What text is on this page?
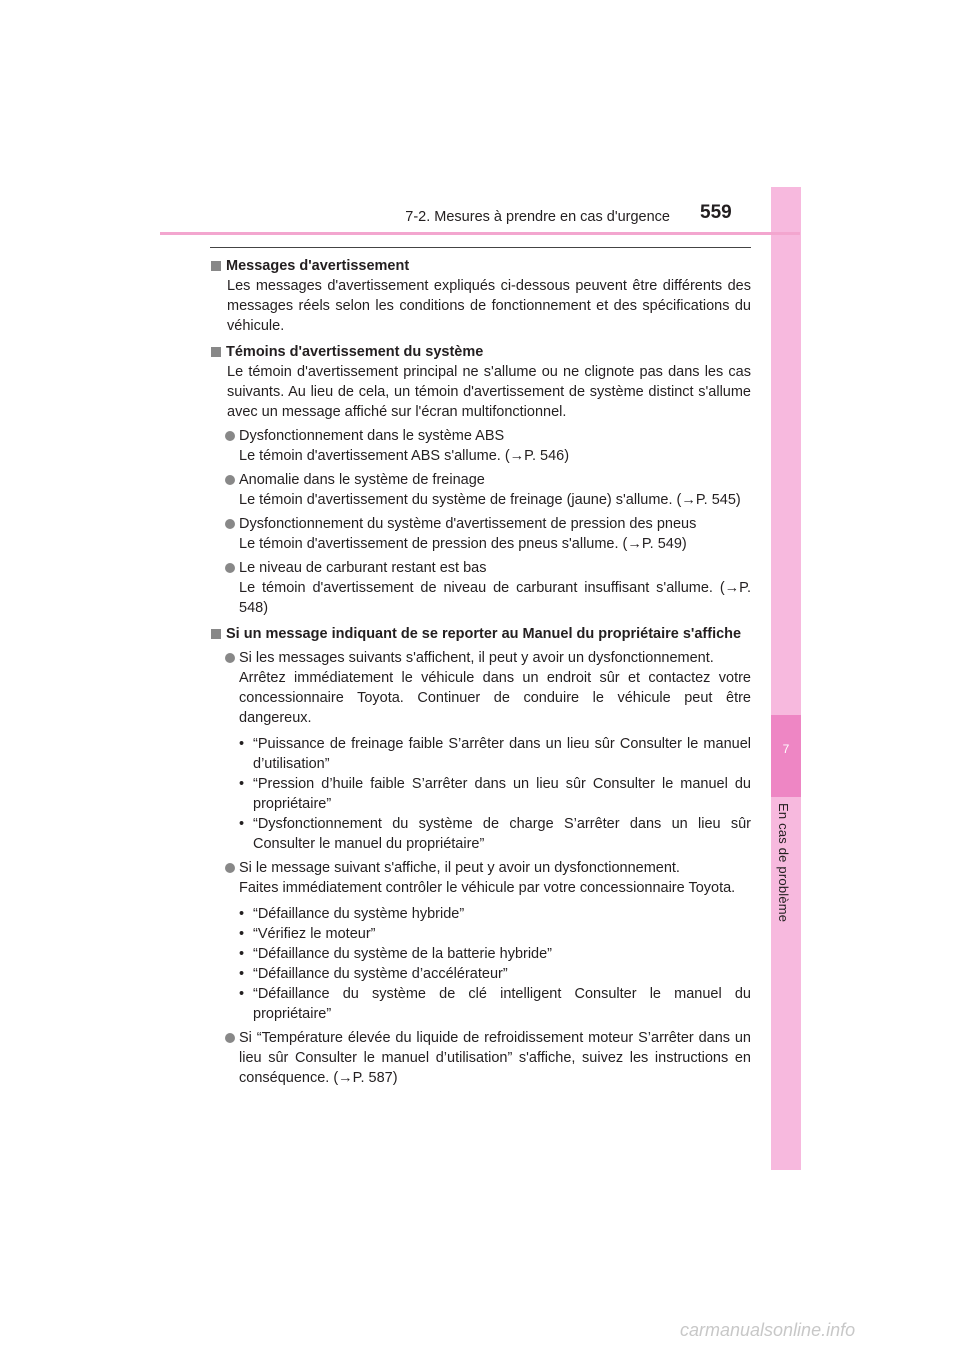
7
En cas de problème
7-2. Mesures à prendre en cas d'urgence 559
Messages d'avertissement
Les messages d'avertissement expliqués ci-dessous peuvent être différents des messages réels selon les conditions de fonctionnement et des spécifications du véhicule.
Témoins d'avertissement du système
Le témoin d'avertissement principal ne s'allume ou ne clignote pas dans les cas suivants. Au lieu de cela, un témoin d'avertissement de système distinct s'allume avec un message affiché sur l'écran multifonctionnel.
Dysfonctionnement dans le système ABS
Le témoin d'avertissement ABS s'allume. (→P. 546)
Anomalie dans le système de freinage
Le témoin d'avertissement du système de freinage (jaune) s'allume. (→P. 545)
Dysfonctionnement du système d'avertissement de pression des pneus
Le témoin d'avertissement de pression des pneus s'allume. (→P. 549)
Le niveau de carburant restant est bas
Le témoin d'avertissement de niveau de carburant insuffisant s'allume. (→P. 548)
Si un message indiquant de se reporter au Manuel du propriétaire s'affiche
Si les messages suivants s'affichent, il peut y avoir un dysfonctionnement.
Arrêtez immédiatement le véhicule dans un endroit sûr et contactez votre concessionnaire Toyota. Continuer de conduire le véhicule peut être dangereux.
• “Puissance de freinage faible S’arrêter dans un lieu sûr Consulter le manuel d’utilisation”
• “Pression d’huile faible S’arrêter dans un lieu sûr Consulter le manuel du propriétaire”
• “Dysfonctionnement du système de charge S’arrêter dans un lieu sûr Consulter le manuel du propriétaire”
Si le message suivant s'affiche, il peut y avoir un dysfonctionnement.
Faites immédiatement contrôler le véhicule par votre concessionnaire Toyota.
• “Défaillance du système hybride”
• “Vérifiez le moteur”
• “Défaillance du système de la batterie hybride”
• “Défaillance du système d’accélérateur”
• “Défaillance du système de clé intelligent Consulter le manuel du propriétaire”
Si “Température élevée du liquide de refroidissement moteur S’arrêter dans un lieu sûr Consulter le manuel d’utilisation” s'affiche, suivez les instructions en conséquence. (→P. 587)
carmanualsonline.info
